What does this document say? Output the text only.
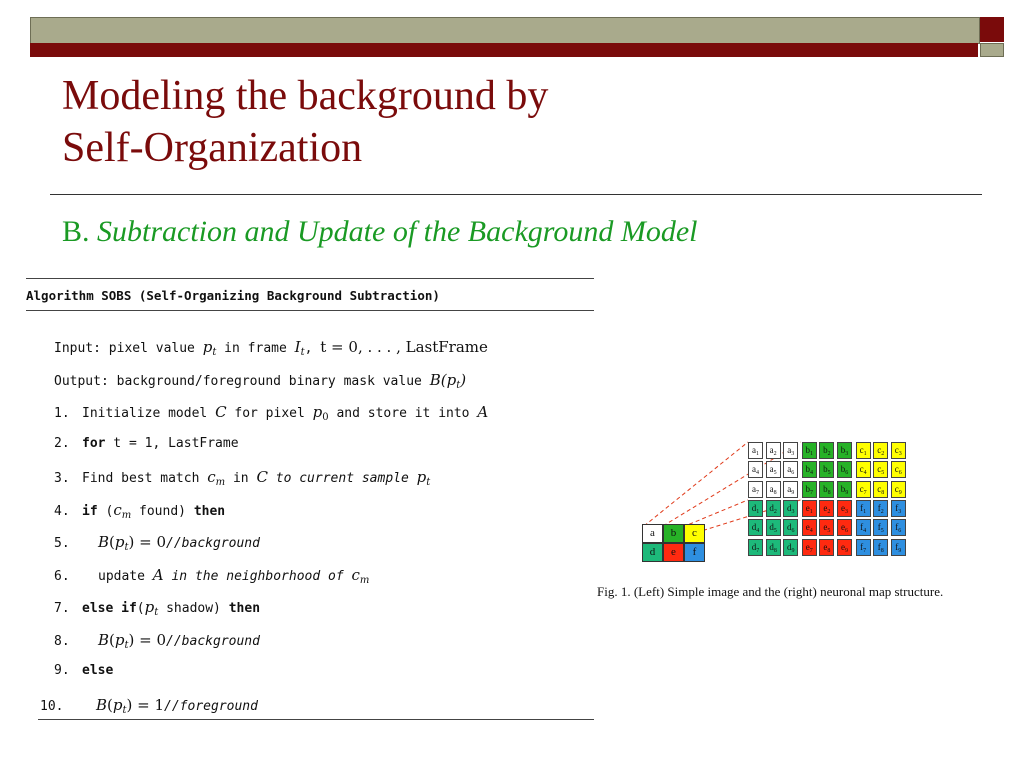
Modeling the background by
Self-Organization
B. Subtraction and Update of the Background Model
Algorithm SOBS (Self-Organizing Background Subtraction)
Input: pixel value $p_t$ in frame $I_t$, t = 0, . . . , LastFrame
Output: background/foreground binary mask value $B(p_t)$
1. Initialize model C for pixel $p_0$ and store it into A
2. for t = 1, LastFrame
3. Find best match $c_m$ in C to current sample $p_t$
4. if ($c_m$ found) then
5. $B(p_t)$ = 0//background
6. update A in the neighborhood of $c_m$
7. else $if(p_t$ shadow) then
8. $B(p_t)$ = 0//background
9. else
10. $B(p_t)$ = 1//foreground
$a_1$	$a_2$	$a_3$	$b_1$	$b_2$	$b_3$	$c_1$	$c_2$	$c_3$
$a_4$	$a_5$	$a_6$	$b_4$	$b_5$	$b_6$	$c_4$	$c_5$	$c_6$
$a_7$	$a_8$	$a_9$	$b_7$	$b_8$	$b_9$	$c_7$	$c_8$	$c_9$
$d_1$	$d_2$	$d_3$	$e_1$	$e_2$	$e_3$	$f_1$	$f_2$	$f_3$
$d_4$	$d_5$	$d_6$	$e_4$	$e_5$	$e_6$	$f_4$	$f_5$	$f_6$
$d_7$	$d_8$	$d_9$	$e_7$	$e_8$	$e_9$	$f_7$	$f_8$	$f_9$
a	b	c
d	e	f
Fig. 1. (Left) Simple image and the (right) neuronal map structure.
